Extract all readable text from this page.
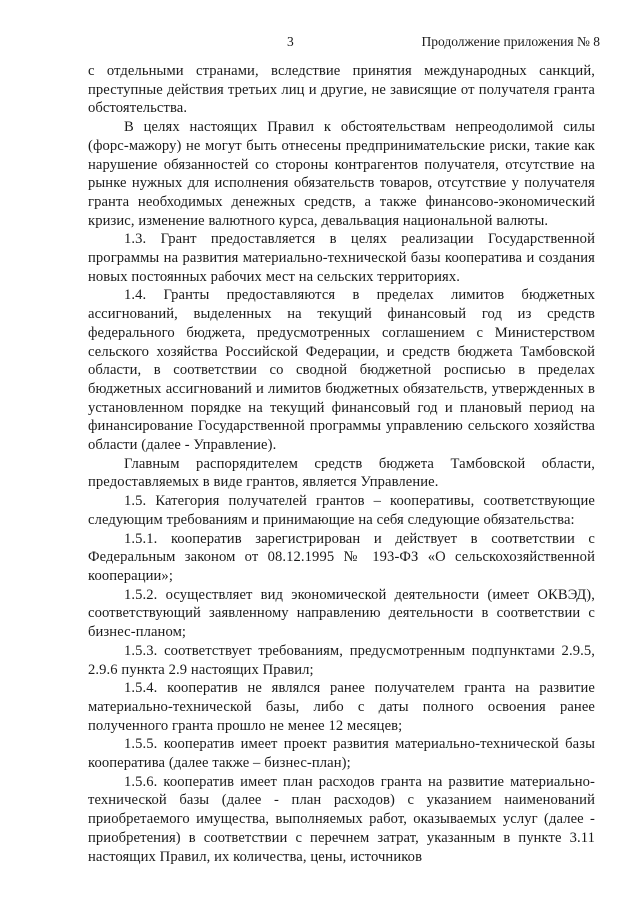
3	Продолжение приложения № 8

с отдельными странами, вследствие принятия международных санкций, преступные действия третьих лиц и другие, не зависящие от получателя гранта обстоятельства.

В целях настоящих Правил к обстоятельствам непреодолимой силы (форс-мажору) не могут быть отнесены предпринимательские риски, такие как нарушение обязанностей со стороны контрагентов получателя, отсутствие на рынке нужных для исполнения обязательств товаров, отсутствие у получателя гранта необходимых денежных средств, а также финансово-экономический кризис, изменение валютного курса, девальвация национальной валюты.

1.3. Грант предоставляется в целях реализации Государственной программы на развития материально-технической базы кооператива и создания новых постоянных рабочих мест на сельских территориях.

1.4. Гранты предоставляются в пределах лимитов бюджетных ассигнований, выделенных на текущий финансовый год из средств федерального бюджета, предусмотренных соглашением с Министерством сельского хозяйства Российской Федерации, и средств бюджета Тамбовской области, в соответствии со сводной бюджетной росписью в пределах бюджетных ассигнований и лимитов бюджетных обязательств, утвержденных в установленном порядке на текущий финансовый год и плановый период на финансирование Государственной программы управлению сельского хозяйства области (далее - Управление).

Главным распорядителем средств бюджета Тамбовской области, предоставляемых в виде грантов, является Управление.

1.5. Категория получателей грантов – кооперативы, соответствующие следующим требованиям и принимающие на себя следующие обязательства:

1.5.1. кооператив зарегистрирован и действует в соответствии с Федеральным законом от 08.12.1995 № 193-ФЗ «О сельскохозяйственной кооперации»;

1.5.2. осуществляет вид экономической деятельности (имеет ОКВЭД), соответствующий заявленному направлению деятельности в соответствии с бизнес-планом;

1.5.3. соответствует требованиям, предусмотренным подпунктами 2.9.5, 2.9.6 пункта 2.9 настоящих Правил;

1.5.4. кооператив не являлся ранее получателем гранта на развитие материально-технической базы, либо с даты полного освоения ранее полученного гранта прошло не менее 12 месяцев;

1.5.5. кооператив имеет проект развития материально-технической базы кооператива (далее также – бизнес-план);

1.5.6. кооператив имеет план расходов гранта на развитие материально-технической базы (далее - план расходов) с указанием наименований приобретаемого имущества, выполняемых работ, оказываемых услуг (далее - приобретения) в соответствии с перечнем затрат, указанным в пункте 3.11 настоящих Правил, их количества, цены, источников
